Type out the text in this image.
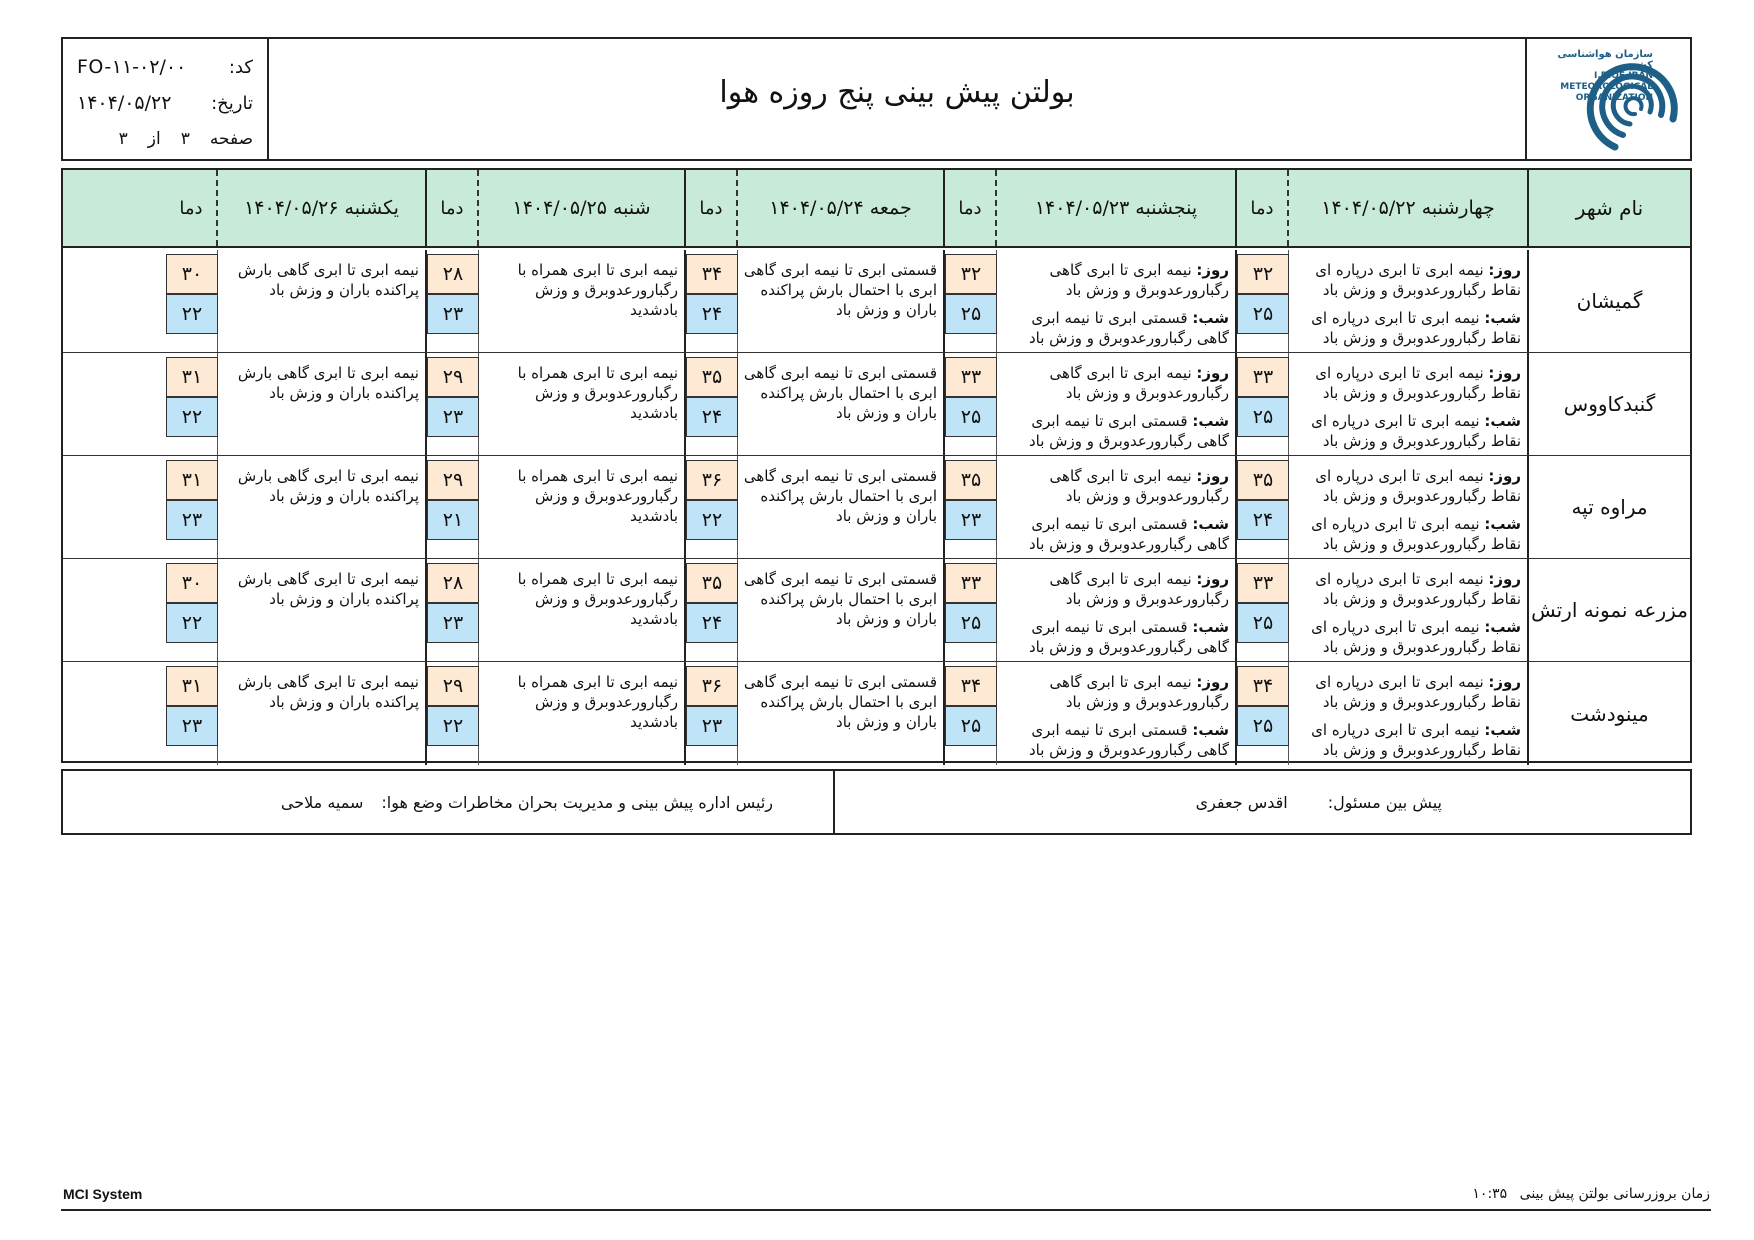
کد:
FO-۱۱-۰۲/۰۰
تاریخ:
۱۴۰۴/۰۵/۲۲
صفحه
۳
از
۳
بولتن پیش بینی پنج روزه هوا
سازمان هواشناسی کشور
I.R.OF IRAN
METEOROLOGICAL
ORGANIZATION
نام شهر
چهارشنبه
۱۴۰۴/۰۵/۲۲
دما
پنجشنبه
۱۴۰۴/۰۵/۲۳
دما
جمعه
۱۴۰۴/۰۵/۲۴
دما
شنبه
۱۴۰۴/۰۵/۲۵
دما
یکشنبه
۱۴۰۴/۰۵/۲۶
دما
گمیشان
روز: نیمه ابری تا ابری درپاره ای نقاط رگبارورعدوبرق و وزش باد
شب: نیمه ابری تا ابری درپاره ای نقاط رگبارورعدوبرق و وزش باد
۳۲
۲۵
روز: نیمه ابری تا ابری گاهی رگبارورعدوبرق و وزش باد
شب: قسمتی ابری تا نیمه ابری گاهی رگبارورعدوبرق و وزش باد
۳۲
۲۵
قسمتی ابری تا نیمه ابری گاهی ابری با احتمال بارش پراکنده باران و وزش باد
۳۴
۲۴
نیمه ابری تا ابری همراه با رگبارورعدوبرق و وزش بادشدید
۲۸
۲۳
نیمه ابری تا ابری گاهی بارش پراکنده باران و وزش باد
۳۰
۲۲
گنبدکاووس
روز: نیمه ابری تا ابری درپاره ای نقاط رگبارورعدوبرق و وزش باد
شب: نیمه ابری تا ابری درپاره ای نقاط رگبارورعدوبرق و وزش باد
۳۳
۲۵
روز: نیمه ابری تا ابری گاهی رگبارورعدوبرق و وزش باد
شب: قسمتی ابری تا نیمه ابری گاهی رگبارورعدوبرق و وزش باد
۳۳
۲۵
قسمتی ابری تا نیمه ابری گاهی ابری با احتمال بارش پراکنده باران و وزش باد
۳۵
۲۴
نیمه ابری تا ابری همراه با رگبارورعدوبرق و وزش بادشدید
۲۹
۲۳
نیمه ابری تا ابری گاهی بارش پراکنده باران و وزش باد
۳۱
۲۲
مراوه تپه
روز: نیمه ابری تا ابری درپاره ای نقاط رگبارورعدوبرق و وزش باد
شب: نیمه ابری تا ابری درپاره ای نقاط رگبارورعدوبرق و وزش باد
۳۵
۲۴
روز: نیمه ابری تا ابری گاهی رگبارورعدوبرق و وزش باد
شب: قسمتی ابری تا نیمه ابری گاهی رگبارورعدوبرق و وزش باد
۳۵
۲۳
قسمتی ابری تا نیمه ابری گاهی ابری با احتمال بارش پراکنده باران و وزش باد
۳۶
۲۲
نیمه ابری تا ابری همراه با رگبارورعدوبرق و وزش بادشدید
۲۹
۲۱
نیمه ابری تا ابری گاهی بارش پراکنده باران و وزش باد
۳۱
۲۳
مزرعه نمونه ارتش
روز: نیمه ابری تا ابری درپاره ای نقاط رگبارورعدوبرق و وزش باد
شب: نیمه ابری تا ابری درپاره ای نقاط رگبارورعدوبرق و وزش باد
۳۳
۲۵
روز: نیمه ابری تا ابری گاهی رگبارورعدوبرق و وزش باد
شب: قسمتی ابری تا نیمه ابری گاهی رگبارورعدوبرق و وزش باد
۳۳
۲۵
قسمتی ابری تا نیمه ابری گاهی ابری با احتمال بارش پراکنده باران و وزش باد
۳۵
۲۴
نیمه ابری تا ابری همراه با رگبارورعدوبرق و وزش بادشدید
۲۸
۲۳
نیمه ابری تا ابری گاهی بارش پراکنده باران و وزش باد
۳۰
۲۲
مینودشت
روز: نیمه ابری تا ابری درپاره ای نقاط رگبارورعدوبرق و وزش باد
شب: نیمه ابری تا ابری درپاره ای نقاط رگبارورعدوبرق و وزش باد
۳۴
۲۵
روز: نیمه ابری تا ابری گاهی رگبارورعدوبرق و وزش باد
شب: قسمتی ابری تا نیمه ابری گاهی رگبارورعدوبرق و وزش باد
۳۴
۲۵
قسمتی ابری تا نیمه ابری گاهی ابری با احتمال بارش پراکنده باران و وزش باد
۳۶
۲۳
نیمه ابری تا ابری همراه با رگبارورعدوبرق و وزش بادشدید
۲۹
۲۲
نیمه ابری تا ابری گاهی بارش پراکنده باران و وزش باد
۳۱
۲۳
پیش بین مسئول:
اقدس جعفری
رئیس اداره پیش بینی و مدیریت بحران مخاطرات وضع هوا:
سمیه ملاحی
MCI System	زمان بروزرسانی بولتن پیش بینی ۱۰:۳۵
